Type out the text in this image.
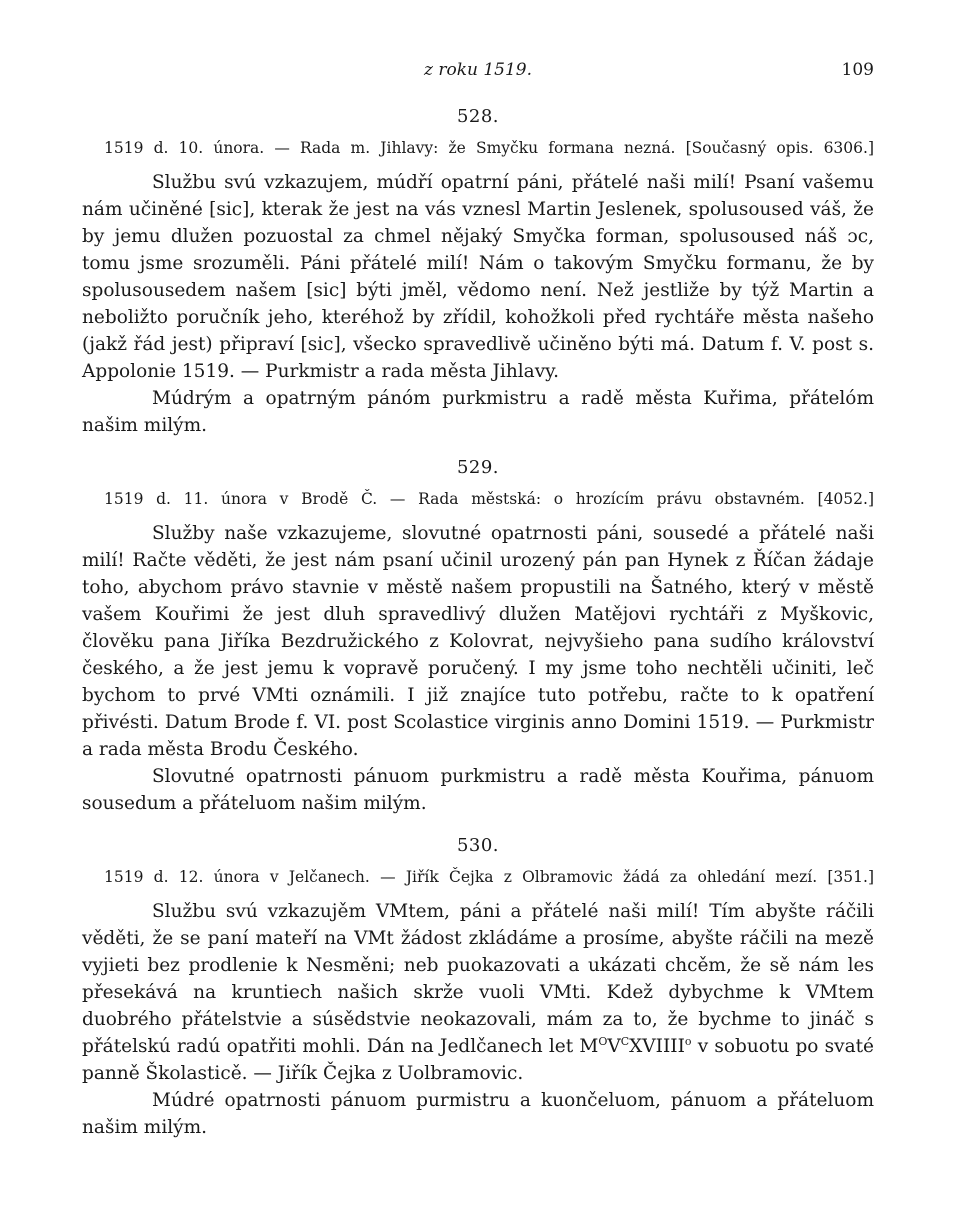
z roku 1519.	109
528.
1519 d. 10. února. — Rada m. Jihlavy: že Smyčku formana nezná. [Současný opis. 6306.]

Službu svú vzkazujem, múdří opatrní páni, přátelé naši milí! Psaní vašemu nám učiněné [sic], kterak že jest na vás vznesl Martin Jeslenek, spolusoused váš, že by jemu dlužen pozuostal za chmel nějaký Smyčka forman, spolusoused náš ɔc, tomu jsme srozuměli. Páni přátelé milí! Nám o takovým Smyčku formanu, že by spolusousedem našem [sic] býti jměl, vědomo není. Než jestliže by týž Martin a neboližto poručník jeho, kteréhož by zřídil, kohožkoli před rychtáře města našeho (jakž řád jest) připraví [sic], všecko spravedlivě učiněno býti má. Datum f. V. post s. Appolonie 1519. — Purkmistr a rada města Jihlavy.

Múdrým a opatrným pánóm purkmistru a radě města Kuřima, přátelóm našim milým.

529.
1519 d. 11. února v Brodě Č. — Rada městská: o hrozícím právu obstavném. [4052.]

Služby naše vzkazujeme, slovutné opatrnosti páni, sousedé a přátelé naši milí! Račte věděti, že jest nám psaní učinil urozený pán pan Hynek z Říčan žádaje toho, abychom právo stavnie v městě našem propustili na Šatného, který v městě vašem Kouřimi že jest dluh spravedlivý dlužen Matějovi rychtáři z Myškovic, člověku pana Jiříka Bezdružického z Kolovrat, nejvyšieho pana sudího království českého, a že jest jemu k vopravě poručený. I my jsme toho nechtěli učiniti, leč bychom to prvé VMti oznámili. I již znajíce tuto potřebu, račte to k opatření přivésti. Datum Brode f. VI. post Scolastice virginis anno Domini 1519. — Purkmistr a rada města Brodu Českého.

Slovutné opatrnosti pánuom purkmistru a radě města Kouřima, pánuom sousedum a přáteluom našim milým.

530.
1519 d. 12. února v Jelčanech. — Jiřík Čejka z Olbramovic žádá za ohledání mezí. [351.]

Službu svú vzkazujěm VMtem, páni a přátelé naši milí! Tím abyšte ráčili věděti, že se paní mateří na VMt žádost zkládáme a prosíme, abyšte ráčili na mezě vyjieti bez prodlenie k Nesměni; neb puokazovati a ukázati chcěm, že sě nám les přesekává na kruntiech našich skrže vuoli VMti. Kdež dybychme k VMtem duobrého přátelstvie a súsědstvie neokazovali, mám za to, že bychme to jináč s přátelskú radú opatřiti mohli. Dán na Jedlčanech let $M^OV^CXVIIII^o$ v sobuotu po svaté panně Školasticě. — Jiřík Čejka z Uolbramovic.

Múdré opatrnosti pánuom purmistru a kuončeluom, pánuom a přáteluom našim milým.
